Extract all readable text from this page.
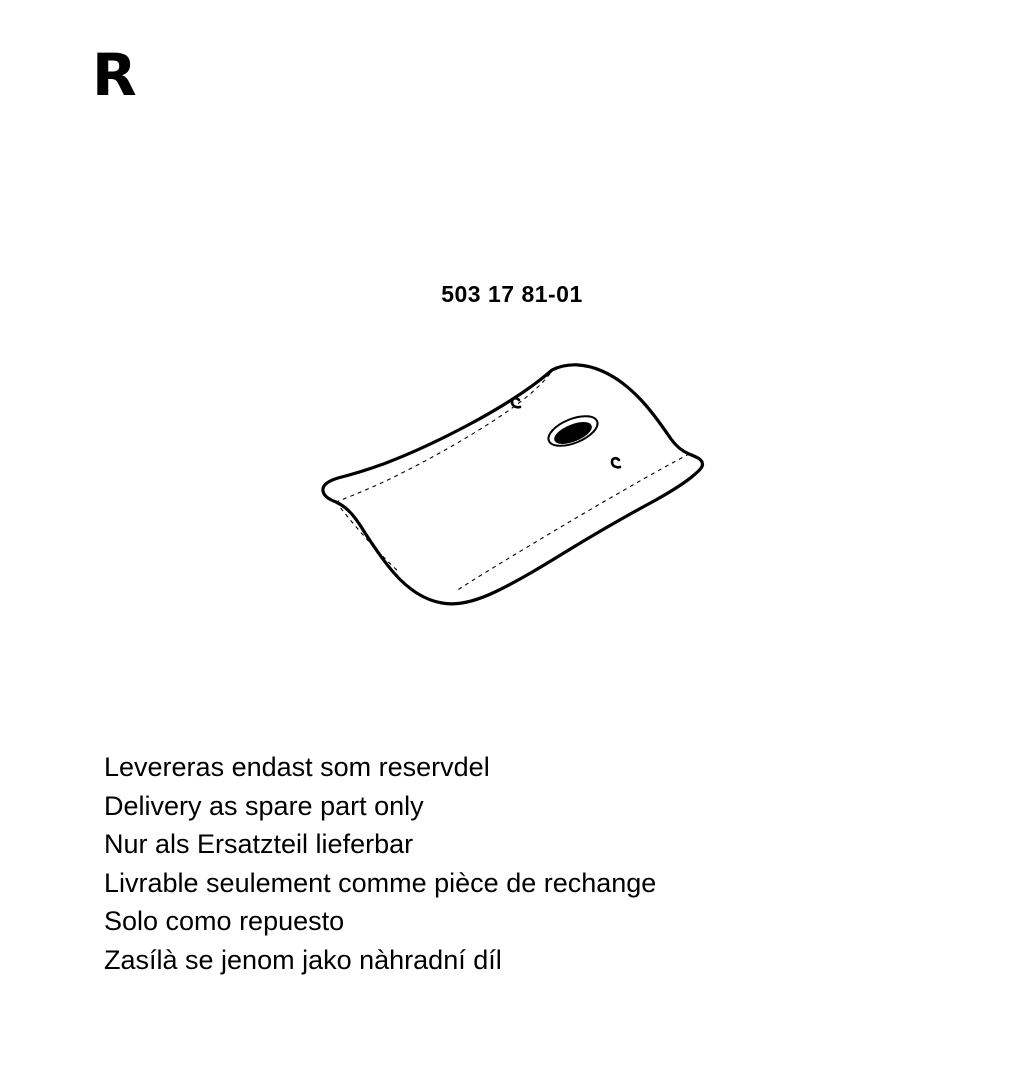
R
503 17 81-01
Levereras endast som reservdel
Delivery as spare part only
Nur als Ersatzteil lieferbar
Livrable seulement comme pièce de rechange
Solo como repuesto
Zasílà se jenom jako nàhradní díl
